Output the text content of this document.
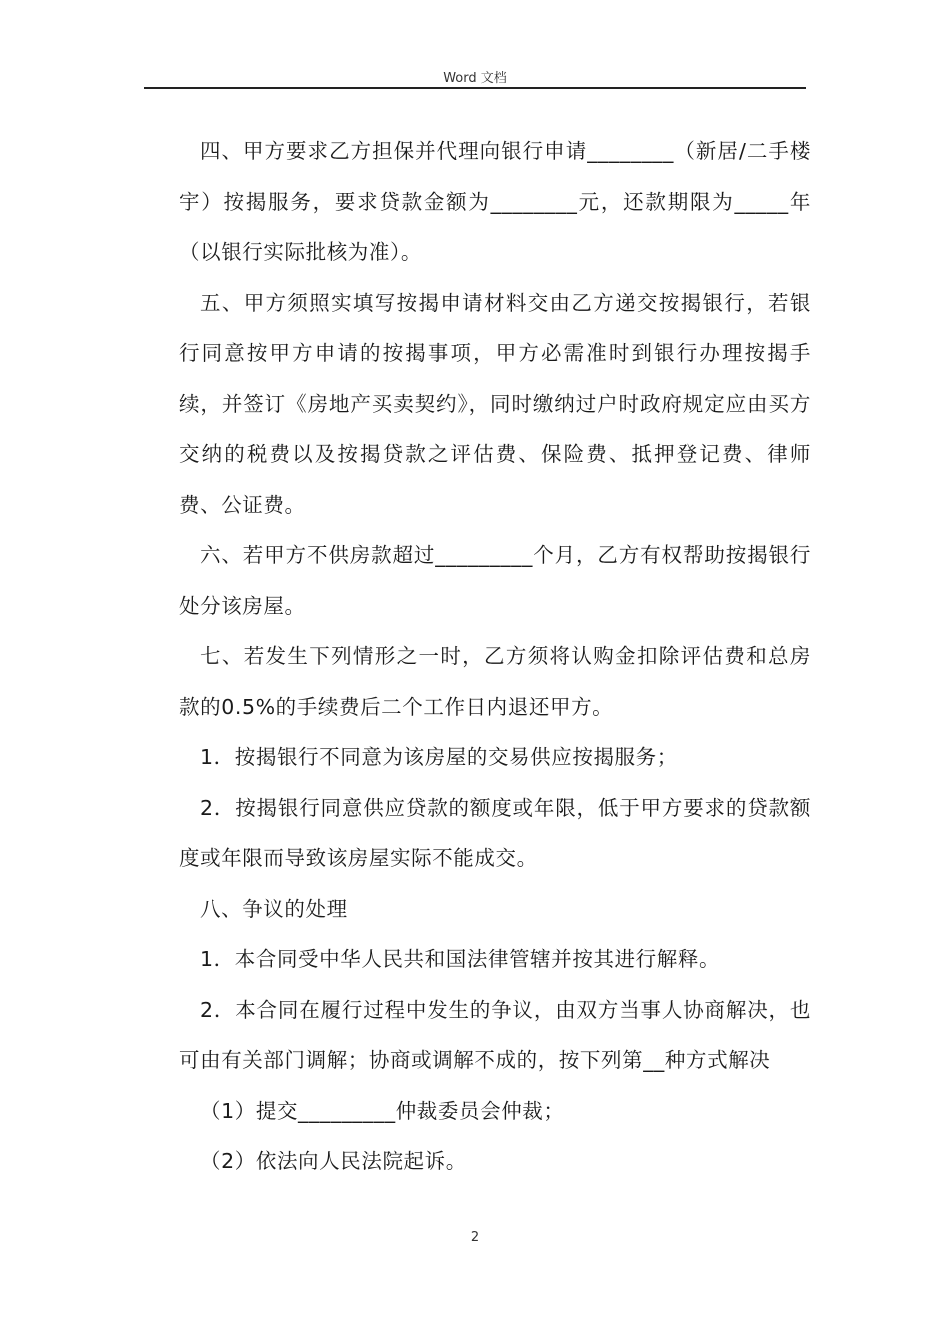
Word 文档

四、甲方要求乙方担保并代理向银行申请________（新居/二手楼宇）按揭服务，要求贷款金额为________元，还款期限为_____年（以银行实际批核为准）。

五、甲方须照实填写按揭申请材料交由乙方递交按揭银行，若银行同意按甲方申请的按揭事项，甲方必需准时到银行办理按揭手续，并签订《房地产买卖契约》，同时缴纳过户时政府规定应由买方交纳的税费以及按揭贷款之评估费、保险费、抵押登记费、律师费、公证费。

六、若甲方不供房款超过_________个月，乙方有权帮助按揭银行处分该房屋。

七、若发生下列情形之一时，乙方须将认购金扣除评估费和总房款的0.5%的手续费后二个工作日内退还甲方。

1．按揭银行不同意为该房屋的交易供应按揭服务；

2．按揭银行同意供应贷款的额度或年限，低于甲方要求的贷款额度或年限而导致该房屋实际不能成交。

八、争议的处理

1．本合同受中华人民共和国法律管辖并按其进行解释。

2．本合同在履行过程中发生的争议，由双方当事人协商解决，也可由有关部门调解；协商或调解不成的，按下列第__种方式解决

（1）提交_________仲裁委员会仲裁；

（2）依法向人民法院起诉。

2
